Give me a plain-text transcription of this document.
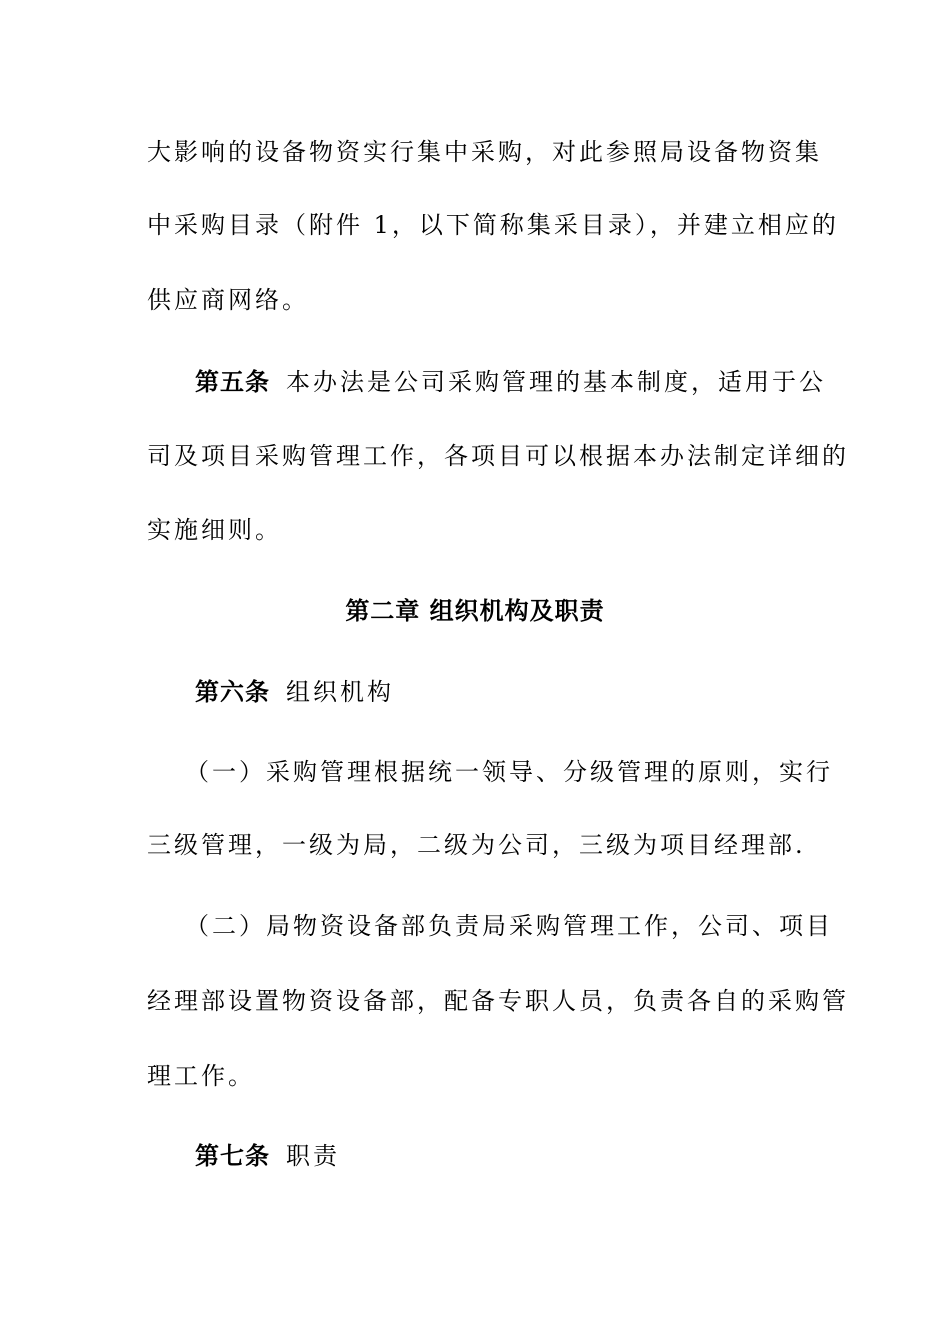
大影响的设备物资实行集中采购，对此参照局设备物资集
中采购目录（附件 1，以下简称集采目录），并建立相应的
供应商网络。
第五条 本办法是公司采购管理的基本制度，适用于公
司及项目采购管理工作，各项目可以根据本办法制定详细的
实施细则。
第二章 组织机构及职责
第六条 组织机构
（一）采购管理根据统一领导、分级管理的原则，实行
三级管理，一级为局，二级为公司，三级为项目经理部.
（二）局物资设备部负责局采购管理工作，公司、项目
经理部设置物资设备部，配备专职人员，负责各自的采购管
理工作。
第七条 职责
